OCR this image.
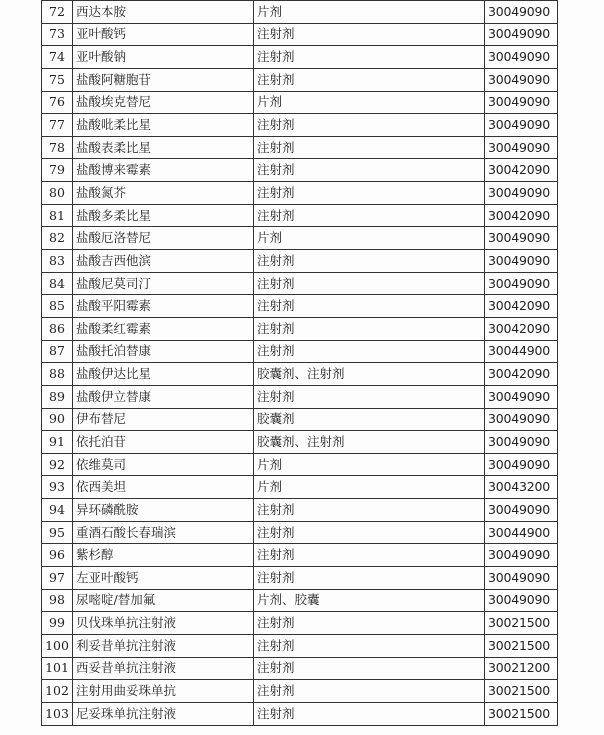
72	西达本胺	片剂	30049090
73	亚叶酸钙	注射剂	30049090
74	亚叶酸钠	注射剂	30049090
75	盐酸阿糖胞苷	注射剂	30049090
76	盐酸埃克替尼	片剂	30049090
77	盐酸吡柔比星	注射剂	30049090
78	盐酸表柔比星	注射剂	30049090
79	盐酸博来霉素	注射剂	30042090
80	盐酸氮芥	注射剂	30049090
81	盐酸多柔比星	注射剂	30042090
82	盐酸厄洛替尼	片剂	30049090
83	盐酸吉西他滨	注射剂	30049090
84	盐酸尼莫司汀	注射剂	30049090
85	盐酸平阳霉素	注射剂	30042090
86	盐酸柔红霉素	注射剂	30042090
87	盐酸托泊替康	注射剂	30044900
88	盐酸伊达比星	胶囊剂、注射剂	30042090
89	盐酸伊立替康	注射剂	30049090
90	伊布替尼	胶囊剂	30049090
91	依托泊苷	胶囊剂、注射剂	30049090
92	依维莫司	片剂	30049090
93	依西美坦	片剂	30043200
94	异环磷酰胺	注射剂	30049090
95	重酒石酸长春瑞滨	注射剂	30044900
96	紫杉醇	注射剂	30049090
97	左亚叶酸钙	注射剂	30049090
98	尿嘧啶/替加氟	片剂、胶囊	30049090
99	贝伐珠单抗注射液	注射剂	30021500
100	利妥昔单抗注射液	注射剂	30021500
101	西妥昔单抗注射液	注射剂	30021200
102	注射用曲妥珠单抗	注射剂	30021500
103	尼妥珠单抗注射液	注射剂	30021500
